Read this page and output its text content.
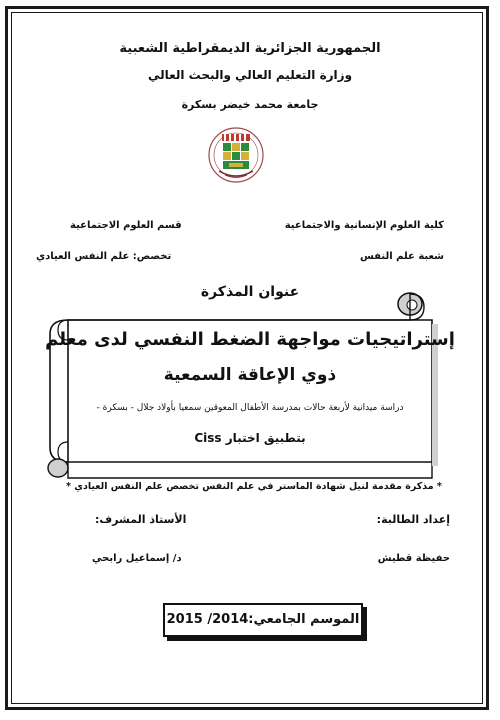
الجمهورية الجزائرية الديمقراطية الشعبية
وزارة التعليم العالي والبحث العالي
جامعة محمد خيضر بسكرة
كلية العلوم الإنسانية والاجتماعية
قسم العلوم الاجتماعية
شعبة علم النفس
تخصص: علم النفس العيادي
عنوان المذكرة
إستراتيجيات مواجهة الضغط النفسي لدى معلم
ذوي الإعاقة السمعية
دراسة ميدانية لأربعة حالات بمدرسة الأطفال المعوقين سمعيا بأولاد جلال - بسكرة -
بتطبيق اختبار Ciss
* مذكرة مقدمة لنيل شهادة الماستر في علم النفس تخصص علم النفس العيادي *
إعداد الطالبة:
الأستاذ المشرف:
حفيظة قطيش
د/ إسماعيل رابحي
الموسم الجامعي:2014/ 2015
